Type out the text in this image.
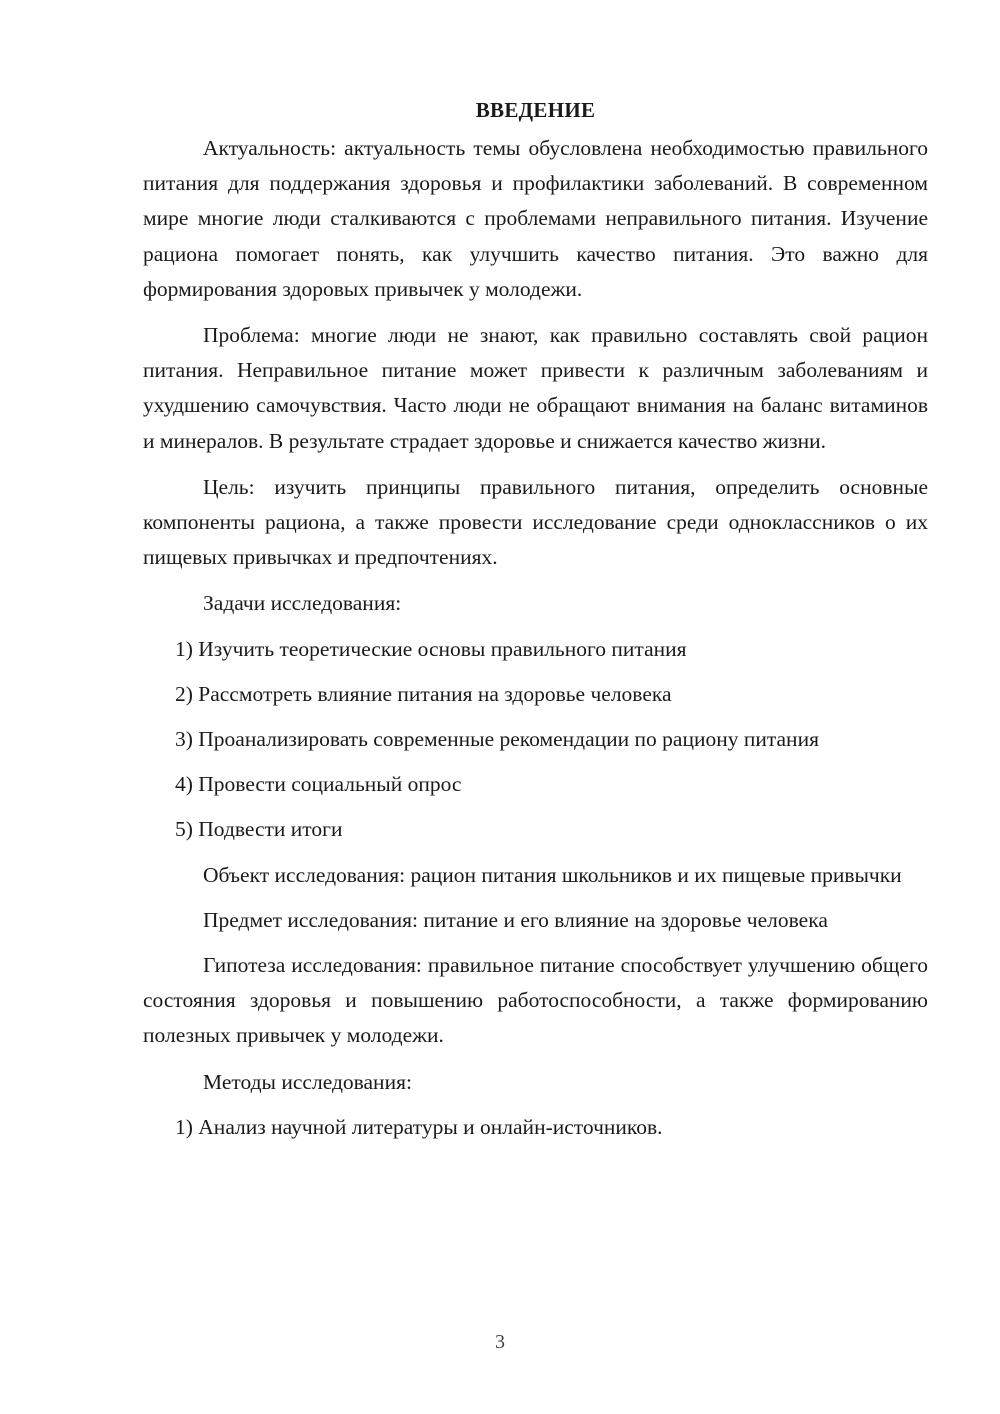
ВВЕДЕНИЕ

Актуальность: актуальность темы обусловлена необходимостью правильного питания для поддержания здоровья и профилактики заболеваний. В современном мире многие люди сталкиваются с проблемами неправильного питания. Изучение рациона помогает понять, как улучшить качество питания. Это важно для формирования здоровых привычек у молодежи.

Проблема: многие люди не знают, как правильно составлять свой рацион питания. Неправильное питание может привести к различным заболеваниям и ухудшению самочувствия. Часто люди не обращают внимания на баланс витаминов и минералов. В результате страдает здоровье и снижается качество жизни.

Цель: изучить принципы правильного питания, определить основные компоненты рациона, а также провести исследование среди одноклассников о их пищевых привычках и предпочтениях.

Задачи исследования:

1) Изучить теоретические основы правильного питания

2) Рассмотреть влияние питания на здоровье человека

3) Проанализировать современные рекомендации по рациону питания

4) Провести социальный опрос

5) Подвести итоги

Объект исследования: рацион питания школьников и их пищевые привычки

Предмет исследования: питание и его влияние на здоровье человека

Гипотеза исследования: правильное питание способствует улучшению общего состояния здоровья и повышению работоспособности, а также формированию полезных привычек у молодежи.

Методы исследования:

1) Анализ научной литературы и онлайн-источников.

3
